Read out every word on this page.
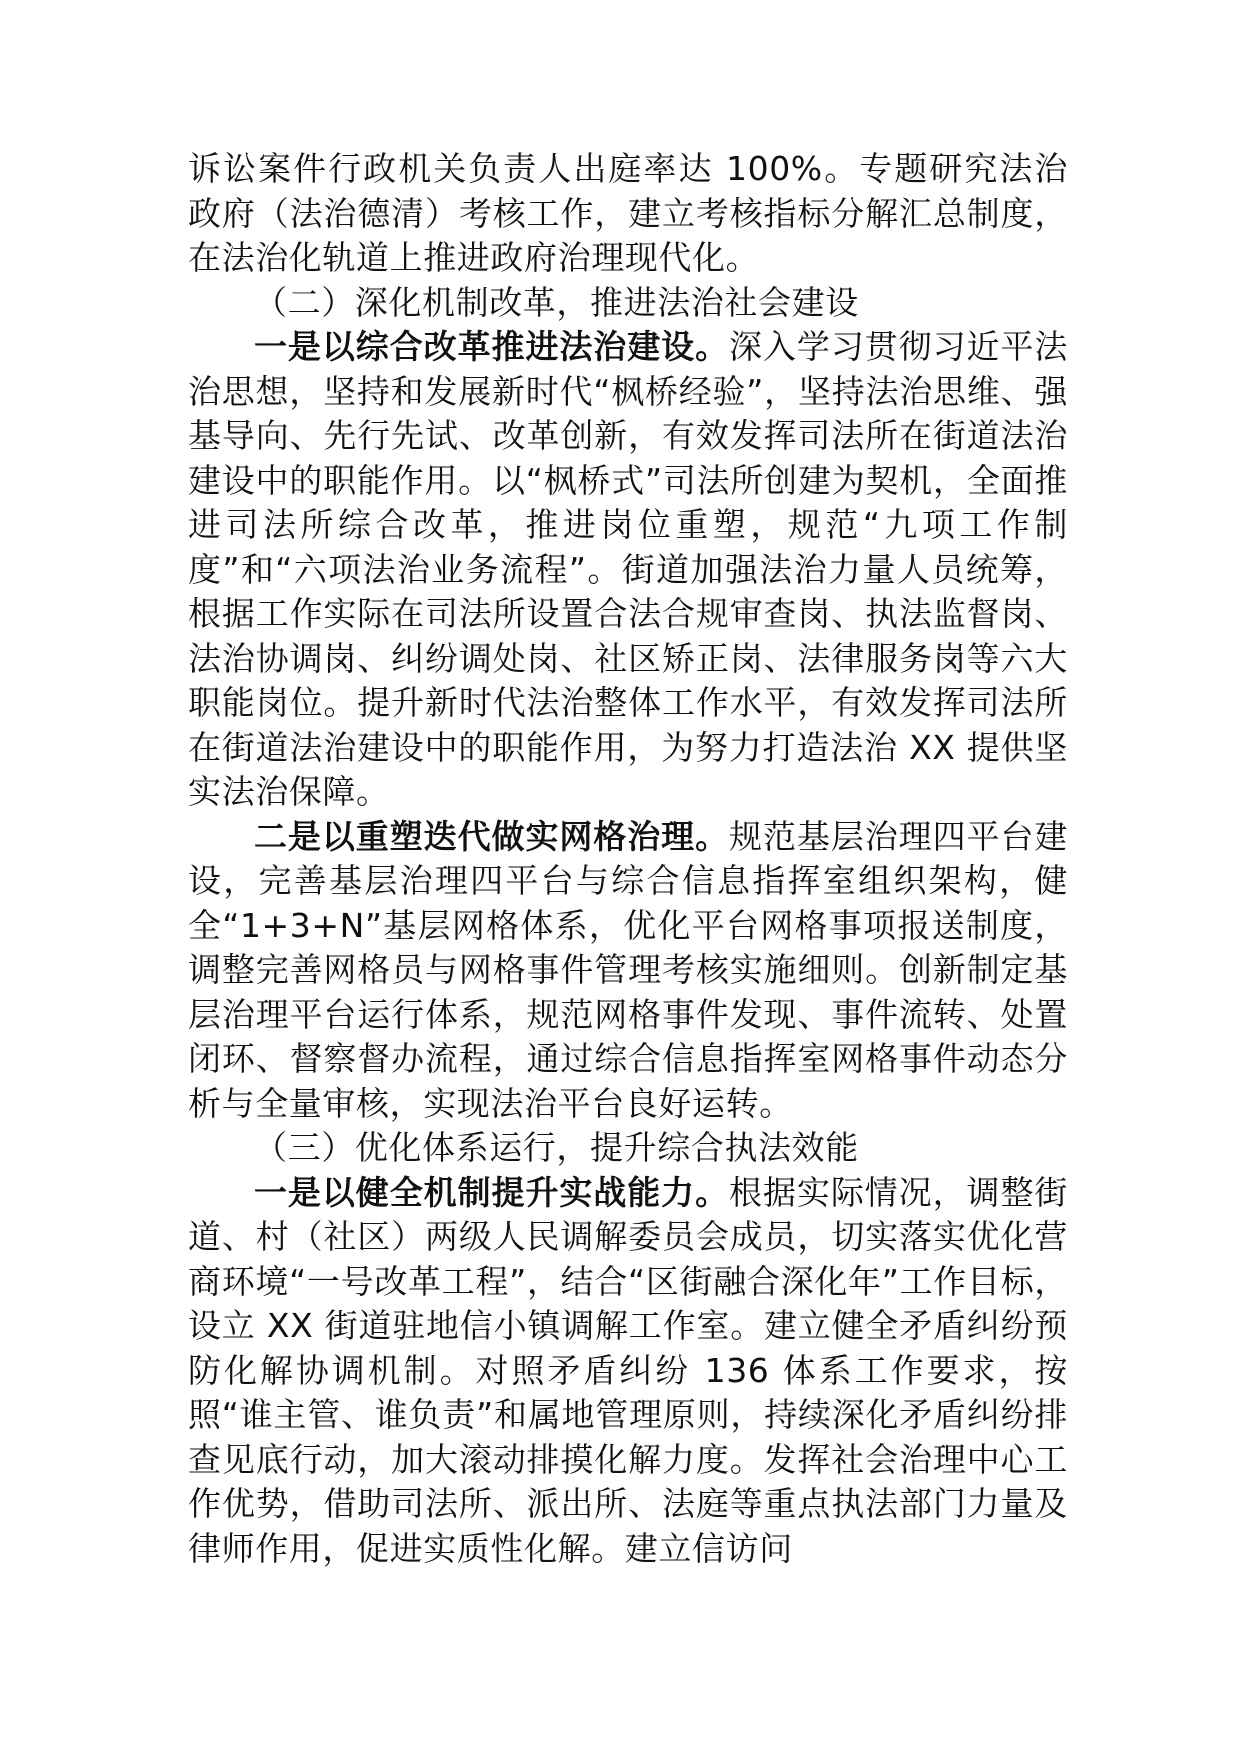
诉讼案件行政机关负责人出庭率达 100%。专题研究法治政府（法治德清）考核工作，建立考核指标分解汇总制度，在法治化轨道上推进政府治理现代化。

（二）深化机制改革，推进法治社会建设

一是以综合改革推进法治建设。深入学习贯彻习近平法治思想，坚持和发展新时代“枫桥经验”，坚持法治思维、强基导向、先行先试、改革创新，有效发挥司法所在街道法治建设中的职能作用。以“枫桥式”司法所创建为契机，全面推进司法所综合改革，推进岗位重塑，规范“九项工作制度”和“六项法治业务流程”。街道加强法治力量人员统筹，根据工作实际在司法所设置合法合规审查岗、执法监督岗、法治协调岗、纠纷调处岗、社区矫正岗、法律服务岗等六大职能岗位。提升新时代法治整体工作水平，有效发挥司法所在街道法治建设中的职能作用，为努力打造法治 XX 提供坚实法治保障。

二是以重塑迭代做实网格治理。规范基层治理四平台建设，完善基层治理四平台与综合信息指挥室组织架构，健全“1+3+N”基层网格体系，优化平台网格事项报送制度，调整完善网格员与网格事件管理考核实施细则。创新制定基层治理平台运行体系，规范网格事件发现、事件流转、处置闭环、督察督办流程，通过综合信息指挥室网格事件动态分析与全量审核，实现法治平台良好运转。

（三）优化体系运行，提升综合执法效能

一是以健全机制提升实战能力。根据实际情况，调整街道、村（社区）两级人民调解委员会成员，切实落实优化营商环境“一号改革工程”，结合“区街融合深化年”工作目标，设立 XX 街道驻地信小镇调解工作室。建立健全矛盾纠纷预防化解协调机制。对照矛盾纠纷 136 体系工作要求，按照“谁主管、谁负责”和属地管理原则，持续深化矛盾纠纷排查见底行动，加大滚动排摸化解力度。发挥社会治理中心工作优势，借助司法所、派出所、法庭等重点执法部门力量及律师作用，促进实质性化解。建立信访问
